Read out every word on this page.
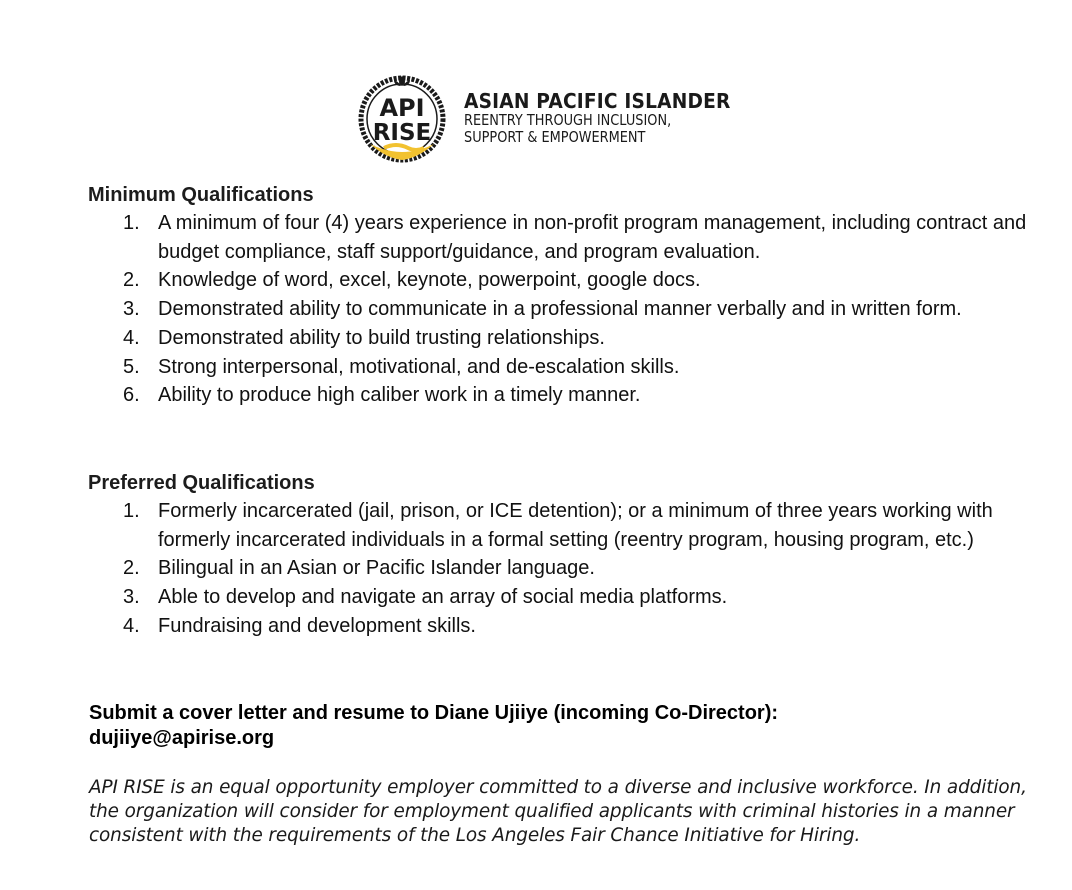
API
RISE
ASIAN PACIFIC ISLANDER
REENTRY THROUGH INCLUSION,
SUPPORT & EMPOWERMENT
Minimum Qualifications
1. A minimum of four (4) years experience in non-profit program management, including contract and budget compliance, staff support/guidance, and program evaluation.
2. Knowledge of word, excel, keynote, powerpoint, google docs.
3. Demonstrated ability to communicate in a professional manner verbally and in written form.
4. Demonstrated ability to build trusting relationships.
5. Strong interpersonal, motivational, and de-escalation skills.
6. Ability to produce high caliber work in a timely manner.
Preferred Qualifications
1. Formerly incarcerated (jail, prison, or ICE detention); or a minimum of three years working with formerly incarcerated individuals in a formal setting (reentry program, housing program, etc.)
2. Bilingual in an Asian or Pacific Islander language.
3. Able to develop and navigate an array of social media platforms.
4. Fundraising and development skills.
Submit a cover letter and resume to Diane Ujiiye (incoming Co-Director):
dujiiye@apirise.org
API RISE is an equal opportunity employer committed to a diverse and inclusive workforce. In addition, the organization will consider for employment qualified applicants with criminal histories in a manner consistent with the requirements of the Los Angeles Fair Chance Initiative for Hiring.
